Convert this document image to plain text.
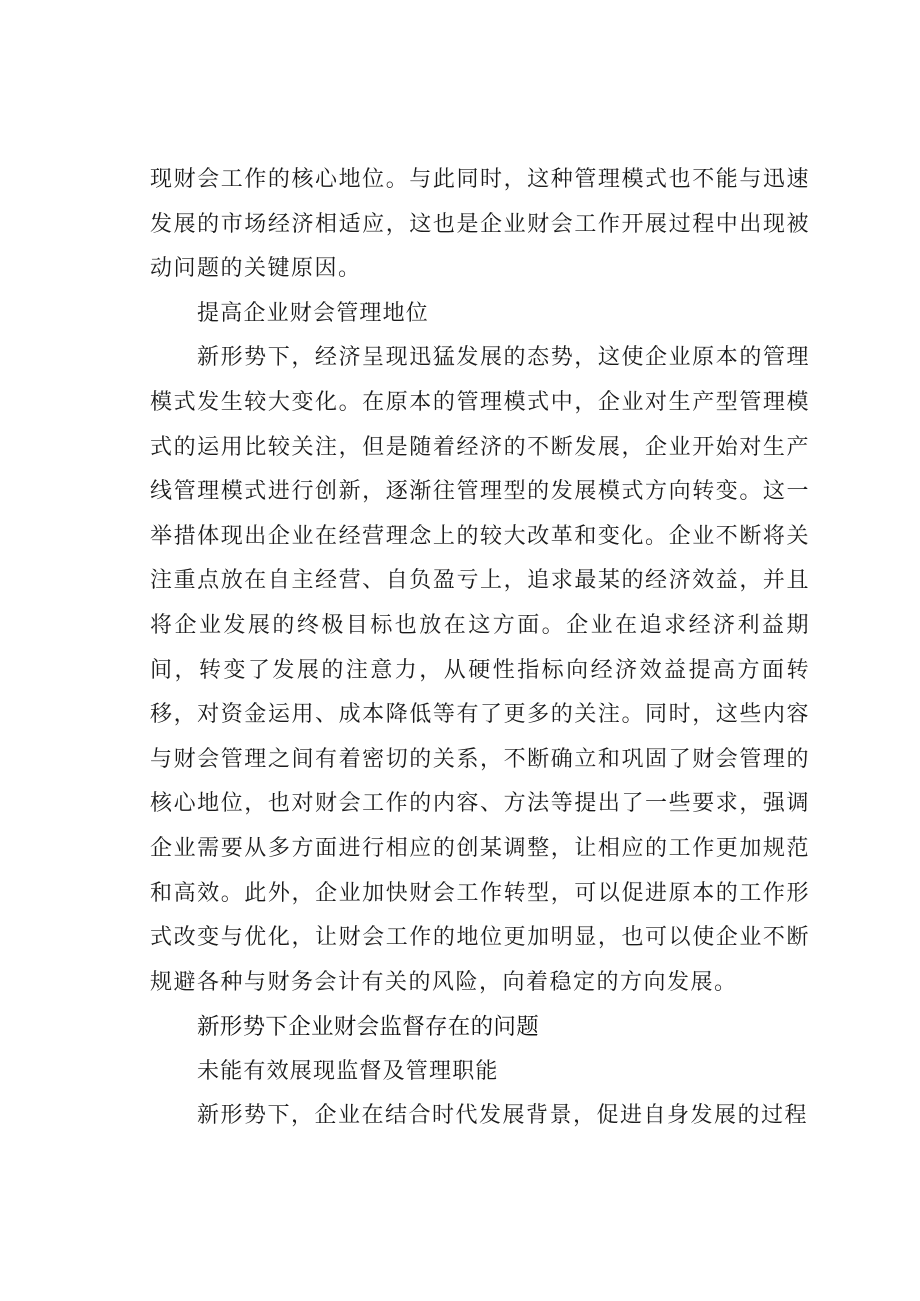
现财会工作的核心地位。与此同时，这种管理模式也不能与迅速发展的市场经济相适应，这也是企业财会工作开展过程中出现被动问题的关键原因。

提高企业财会管理地位

新形势下，经济呈现迅猛发展的态势，这使企业原本的管理模式发生较大变化。在原本的管理模式中，企业对生产型管理模式的运用比较关注，但是随着经济的不断发展，企业开始对生产线管理模式进行创新，逐渐往管理型的发展模式方向转变。这一举措体现出企业在经营理念上的较大改革和变化。企业不断将关注重点放在自主经营、自负盈亏上，追求最某的经济效益，并且将企业发展的终极目标也放在这方面。企业在追求经济利益期间，转变了发展的注意力，从硬性指标向经济效益提高方面转移，对资金运用、成本降低等有了更多的关注。同时，这些内容与财会管理之间有着密切的关系，不断确立和巩固了财会管理的核心地位，也对财会工作的内容、方法等提出了一些要求，强调企业需要从多方面进行相应的创某调整，让相应的工作更加规范和高效。此外，企业加快财会工作转型，可以促进原本的工作形式改变与优化，让财会工作的地位更加明显，也可以使企业不断规避各种与财务会计有关的风险，向着稳定的方向发展。

新形势下企业财会监督存在的问题

未能有效展现监督及管理职能

新形势下，企业在结合时代发展背景，促进自身发展的过程
